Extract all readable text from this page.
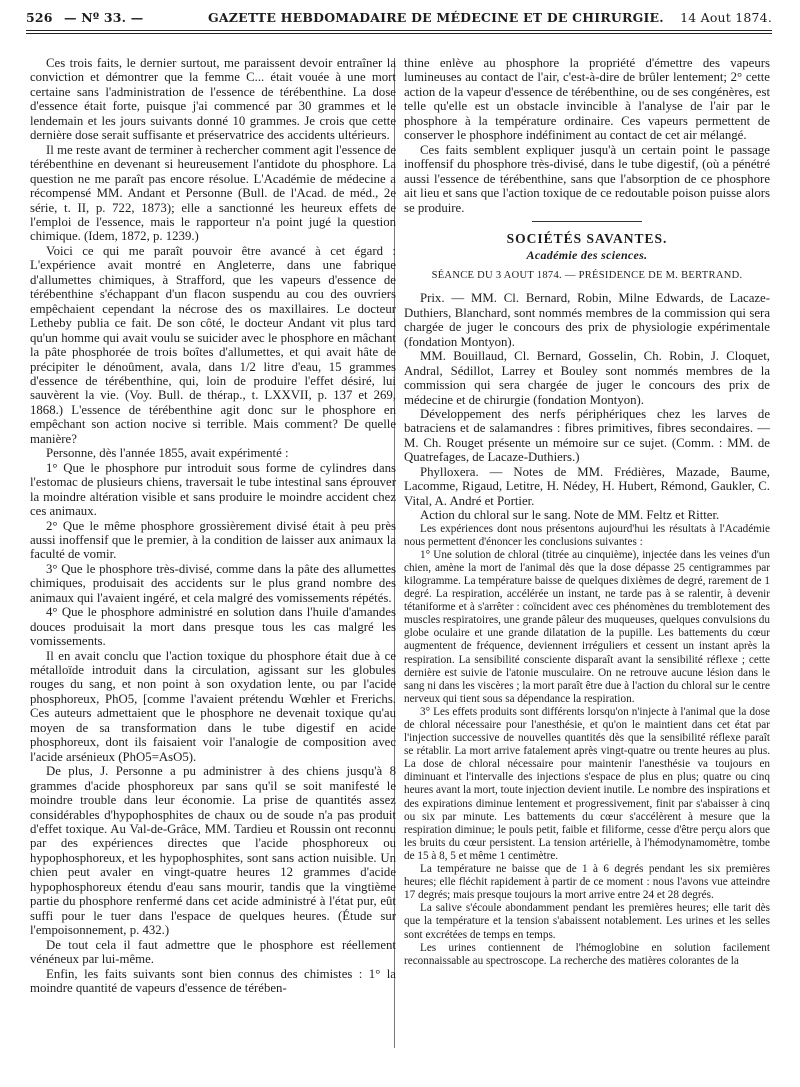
526 — Nº 33. —	GAZETTE HEBDOMADAIRE DE MÉDECINE ET DE CHIRURGIE. 14 Aout 1874.

Ces trois faits, le dernier surtout, me paraissent devoir entraîner la conviction et démontrer que la femme C... était vouée à une mort certaine sans l'administration de l'essence de térébenthine. La dose d'essence était forte, puisque j'ai commencé par 30 grammes et le lendemain et les jours suivants donné 10 grammes. Je crois que cette dernière dose serait suffisante et préservatrice des accidents ultérieurs.

Il me reste avant de terminer à rechercher comment agit l'essence de térébenthine en devenant si heureusement l'antidote du phosphore. La question ne me paraît pas encore résolue. L'Académie de médecine a récompensé MM. Andant et Personne (Bull. de l'Acad. de méd., 2e série, t. II, p. 722, 1873); elle a sanctionné les heureux effets de l'emploi de l'essence, mais le rapporteur n'a point jugé la question chimique. (Idem, 1872, p. 1239.)

Voici ce qui me paraît pouvoir être avancé à cet égard : L'expérience avait montré en Angleterre, dans une fabrique d'allumettes chimiques, à Strafford, que les vapeurs d'essence de térébenthine s'échappant d'un flacon suspendu au cou des ouvriers empêchaient cependant la nécrose des os maxillaires. Le docteur Letheby publia ce fait. De son côté, le docteur Andant vit plus tard qu'un homme qui avait voulu se suicider avec le phosphore en mâchant la pâte phosphorée de trois boîtes d'allumettes, et qui avait hâte de précipiter le dénoûment, avala, dans 1/2 litre d'eau, 15 grammes d'essence de térébenthine, qui, loin de produire l'effet désiré, lui sauvèrent la vie. (Voy. Bull. de thérap., t. LXXVII, p. 137 et 269, 1868.) L'essence de térébenthine agit donc sur le phosphore en empêchant son action nocive si terrible. Mais comment? De quelle manière?

Personne, dès l'année 1855, avait expérimenté :

1° Que le phosphore pur introduit sous forme de cylindres dans l'estomac de plusieurs chiens, traversait le tube intestinal sans éprouver la moindre altération visible et sans produire le moindre accident chez ces animaux.

2° Que le même phosphore grossièrement divisé était à peu près aussi inoffensif que le premier, à la condition de laisser aux animaux la faculté de vomir.

3° Que le phosphore très-divisé, comme dans la pâte des allumettes chimiques, produisait des accidents sur le plus grand nombre des animaux qui l'avaient ingéré, et cela malgré des vomissements répétés.

4° Que le phosphore administré en solution dans l'huile d'amandes douces produisait la mort dans presque tous les cas malgré les vomissements.

Il en avait conclu que l'action toxique du phosphore était due à ce métalloïde introduit dans la circulation, agissant sur les globules rouges du sang, et non point à son oxydation lente, ou par l'acide phosphoreux, PhO5, [comme l'avaient prétendu Wœhler et Frerichs. Ces auteurs admettaient que le phosphore ne devenait toxique qu'au moyen de sa transformation dans le tube digestif en acide phosphoreux, dont ils faisaient voir l'analogie de composition avec l'acide arsénieux (PhO5=AsO5).

De plus, J. Personne a pu administrer à des chiens jusqu'à 8 grammes d'acide phosphoreux par sans qu'il se soit manifesté le moindre trouble dans leur économie. La prise de quantités assez considérables d'hypophosphites de chaux ou de soude n'a pas produit d'effet toxique. Au Val-de-Grâce, MM. Tardieu et Roussin ont reconnu par des expériences directes que l'acide phosphoreux ou hypophosphoreux, et les hypophosphites, sont sans action nuisible. Un chien peut avaler en vingt-quatre heures 12 grammes d'acide hypophosphoreux étendu d'eau sans mourir, tandis que la vingtième partie du phosphore renfermé dans cet acide administré à l'état pur, eût suffi pour le tuer dans l'espace de quelques heures. (Étude sur l'empoisonnement, p. 432.)

De tout cela il faut admettre que le phosphore est réellement vénéneux par lui-même.

Enfin, les faits suivants sont bien connus des chimistes : 1° la moindre quantité de vapeurs d'essence de térében-

thine enlève au phosphore la propriété d'émettre des vapeurs lumineuses au contact de l'air, c'est-à-dire de brûler lentement; 2° cette action de la vapeur d'essence de térébenthine, ou de ses congénères, est telle qu'elle est un obstacle invincible à l'analyse de l'air par le phosphore à la température ordinaire. Ces vapeurs permettent de conserver le phosphore indéfiniment au contact de cet air mélangé.

Ces faits semblent expliquer jusqu'à un certain point le passage inoffensif du phosphore très-divisé, dans le tube digestif, (où a pénétré aussi l'essence de térébenthine, sans que l'absorption de ce phosphore ait lieu et sans que l'action toxique de ce redoutable poison puisse alors se produire.

SOCIÉTÉS SAVANTES.
Académie des sciences.
SÉANCE DU 3 AOUT 1874. — PRÉSIDENCE DE M. BERTRAND.

Prix. — MM. Cl. Bernard, Robin, Milne Edwards, de Lacaze-Duthiers, Blanchard, sont nommés membres de la commission qui sera chargée de juger le concours des prix de physiologie expérimentale (fondation Montyon).

MM. Bouillaud, Cl. Bernard, Gosselin, Ch. Robin, J. Cloquet, Andral, Sédillot, Larrey et Bouley sont nommés membres de la commission qui sera chargée de juger le concours des prix de médecine et de chirurgie (fondation Montyon).

Développement des nerfs périphériques chez les larves de batraciens et de salamandres : fibres primitives, fibres secondaires. — M. Ch. Rouget présente un mémoire sur ce sujet. (Comm. : MM. de Quatrefages, de Lacaze-Duthiers.)

Phylloxera. — Notes de MM. Frédières, Mazade, Baume, Lacomme, Rigaud, Letitre, H. Nédey, H. Hubert, Rémond, Gaukler, C. Vital, A. André et Portier.

Action du chloral sur le sang. Note de MM. Feltz et Ritter.

Les expériences dont nous présentons aujourd'hui les résultats à l'Académie nous permettent d'énoncer les conclusions suivantes :

1° Une solution de chloral (titrée au cinquième), injectée dans les veines d'un chien, amène la mort de l'animal dès que la dose dépasse 25 centigrammes par kilogramme. La température baisse de quelques dixièmes de degré, rarement de 1 degré. La respiration, accélérée un instant, ne tarde pas à se ralentir, à devenir tétaniforme et à s'arrêter : coïncident avec ces phénomènes du tremblotement des muscles respiratoires, une grande pâleur des muqueuses, quelques convulsions du globe oculaire et une grande dilatation de la pupille. Les battements du cœur augmentent de fréquence, deviennent irréguliers et cessent un instant après la respiration. La sensibilité consciente disparaît avant la sensibilité réflexe ; cette dernière est suivie de l'atonie musculaire. On ne retrouve aucune lésion dans le sang ni dans les viscères ; la mort paraît être due à l'action du chloral sur le centre nerveux qui tient sous sa dépendance la respiration.

3° Les effets produits sont différents lorsqu'on n'injecte à l'animal que la dose de chloral nécessaire pour l'anesthésie, et qu'on le maintient dans cet état par l'injection successive de nouvelles quantités dès que la sensibilité réflexe paraît se rétablir. La mort arrive fatalement après vingt-quatre ou trente heures au plus. La dose de chloral nécessaire pour maintenir l'anesthésie va toujours en diminuant et l'intervalle des injections s'espace de plus en plus; quatre ou cinq heures avant la mort, toute injection devient inutile. Le nombre des inspirations et des expirations diminue lentement et progressivement, finit par s'abaisser à cinq ou six par minute. Les battements du cœur s'accélèrent à mesure que la respiration diminue; le pouls petit, faible et filiforme, cesse d'être perçu alors que les bruits du cœur persistent. La tension artérielle, à l'hémodynamomètre, tombe de 15 à 8, 5 et même 1 centimètre.

La température ne baisse que de 1 à 6 degrés pendant les six premières heures; elle fléchit rapidement à partir de ce moment : nous l'avons vue atteindre 17 degrés; mais presque toujours la mort arrive entre 24 et 28 degrés.

La salive s'écoule abondamment pendant les premières heures; elle tarit dès que la température et la tension s'abaissent notablement. Les urines et les selles sont excrétées de temps en temps.

Les urines contiennent de l'hémoglobine en solution facilement reconnaissable au spectroscope. La recherche des matières colorantes de la
